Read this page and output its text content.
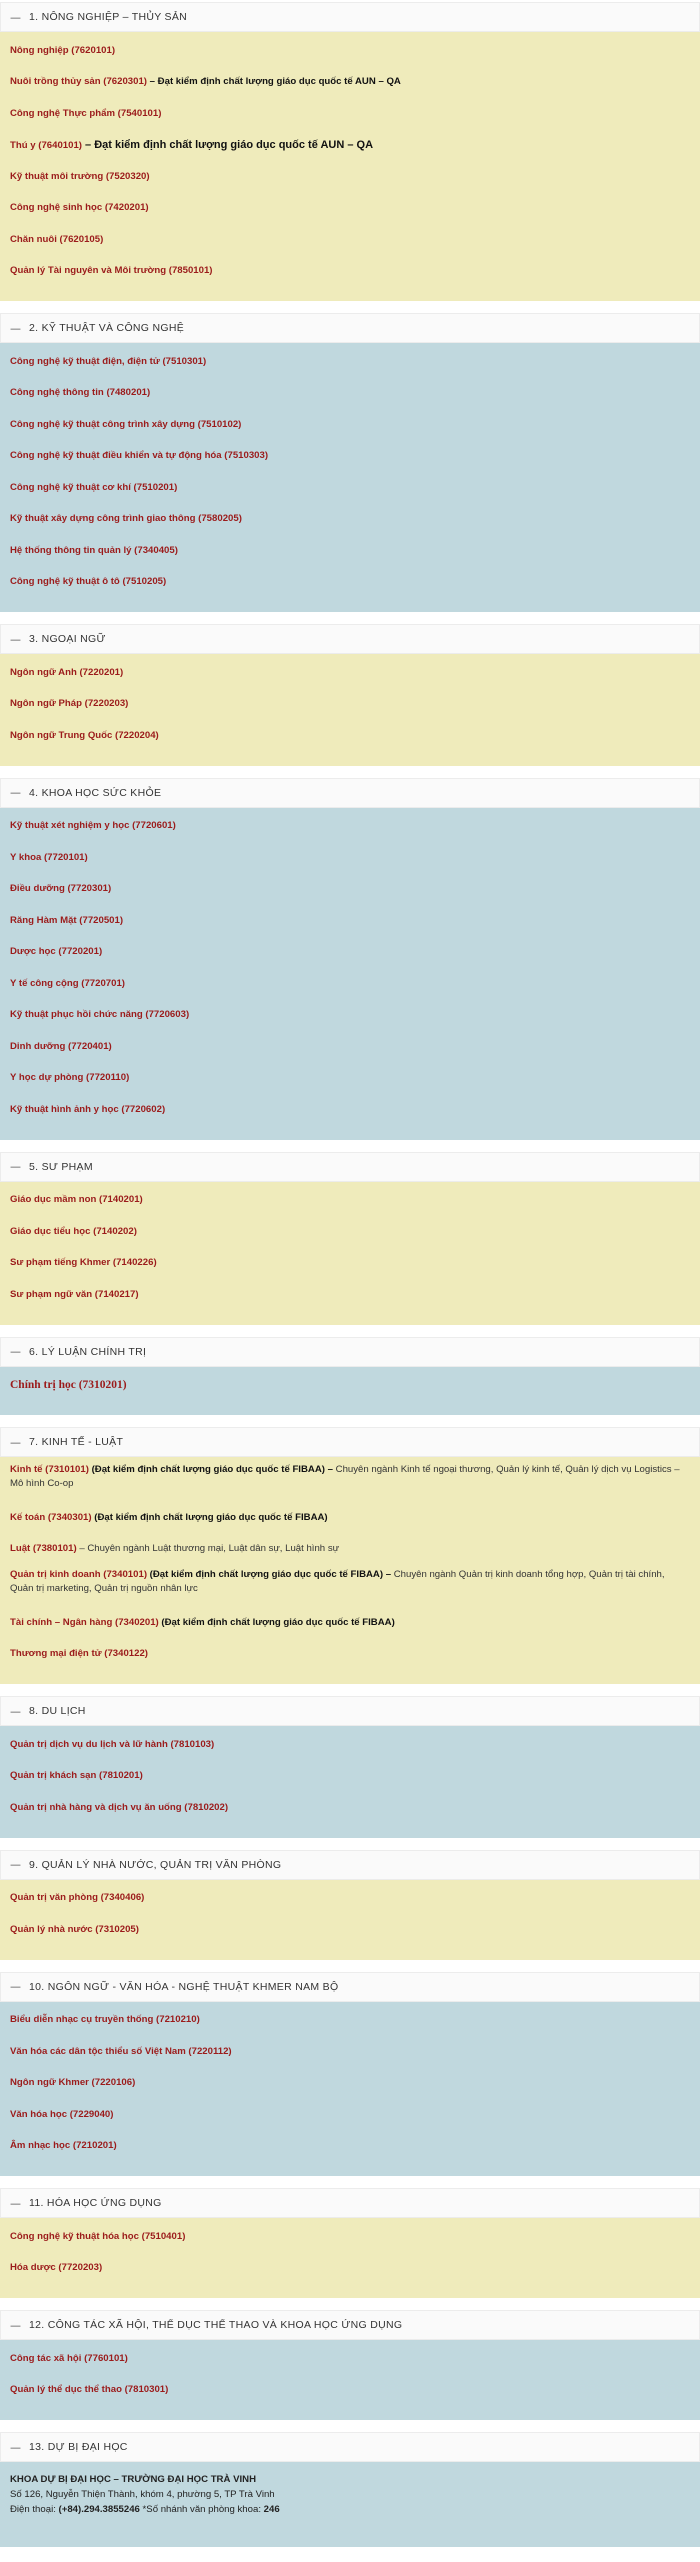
— 1. NÔNG NGHIỆP – THỦY SẢN
Nông nghiệp (7620101)
Nuôi trồng thủy sản (7620301) – Đạt kiểm định chất lượng giáo dục quốc tế AUN – QA
Công nghệ Thực phẩm (7540101)
Thú y (7640101) – Đạt kiểm định chất lượng giáo dục quốc tế AUN – QA
Kỹ thuật môi trường (7520320)
Công nghệ sinh học (7420201)
Chăn nuôi (7620105)
Quản lý Tài nguyên và Môi trường (7850101)
— 2. KỸ THUẬT VÀ CÔNG NGHỆ
Công nghệ kỹ thuật điện, điện tử (7510301)
Công nghệ thông tin (7480201)
Công nghệ kỹ thuật công trình xây dựng (7510102)
Công nghệ kỹ thuật điều khiển và tự động hóa (7510303)
Công nghệ kỹ thuật cơ khí (7510201)
Kỹ thuật xây dựng công trình giao thông (7580205)
Hệ thống thông tin quản lý (7340405)
Công nghệ kỹ thuật ô tô (7510205)
— 3. NGOẠI NGỮ
Ngôn ngữ Anh (7220201)
Ngôn ngữ Pháp (7220203)
Ngôn ngữ Trung Quốc (7220204)
— 4. KHOA HỌC SỨC KHỎE
Kỹ thuật xét nghiệm y học (7720601)
Y khoa (7720101)
Điều dưỡng (7720301)
Răng Hàm Mặt (7720501)
Dược học (7720201)
Y tế công cộng (7720701)
Kỹ thuật phục hồi chức năng (7720603)
Dinh dưỡng (7720401)
Y học dự phòng (7720110)
Kỹ thuật hình ảnh y học (7720602)
— 5. SƯ PHẠM
Giáo dục mầm non (7140201)
Giáo dục tiểu học (7140202)
Sư phạm tiếng Khmer (7140226)
Sư phạm ngữ văn (7140217)
— 6. LÝ LUẬN CHÍNH TRỊ
Chính trị học (7310201)
— 7. KINH TẾ - LUẬT
Kinh tế (7310101) (Đạt kiểm định chất lượng giáo dục quốc tế FIBAA) – Chuyên ngành Kinh tế ngoại thương, Quản lý kinh tế, Quản lý dịch vụ Logistics – Mô hình Co-op
Kế toán (7340301) (Đạt kiểm định chất lượng giáo dục quốc tế FIBAA)
Luật (7380101) – Chuyên ngành Luật thương mại, Luật dân sự, Luật hình sự
Quản trị kinh doanh (7340101) (Đạt kiểm định chất lượng giáo dục quốc tế FIBAA) – Chuyên ngành Quản trị kinh doanh tổng hợp, Quản trị tài chính, Quản trị marketing, Quản trị nguồn nhân lực
Tài chính – Ngân hàng (7340201) (Đạt kiểm định chất lượng giáo dục quốc tế FIBAA)
Thương mại điện tử (7340122)
— 8. DU LỊCH
Quản trị dịch vụ du lịch và lữ hành (7810103)
Quản trị khách sạn (7810201)
Quản trị nhà hàng và dịch vụ ăn uống (7810202)
— 9. QUẢN LÝ NHÀ NƯỚC, QUẢN TRỊ VĂN PHÒNG
Quản trị văn phòng (7340406)
Quản lý nhà nước (7310205)
— 10. NGÔN NGỮ - VĂN HÓA - NGHỆ THUẬT KHMER NAM BỘ
Biểu diễn nhạc cụ truyền thống (7210210)
Văn hóa các dân tộc thiểu số Việt Nam (7220112)
Ngôn ngữ Khmer (7220106)
Văn hóa học (7229040)
Âm nhạc học (7210201)
— 11. HÓA HỌC ỨNG DỤNG
Công nghệ kỹ thuật hóa học (7510401)
Hóa dược (7720203)
— 12. CÔNG TÁC XÃ HỘI, THỂ DỤC THỂ THAO VÀ KHOA HỌC ỨNG DỤNG
Công tác xã hội (7760101)
Quản lý thể dục thể thao (7810301)
— 13. DỰ BỊ ĐẠI HỌC
KHOA DỰ BỊ ĐẠI HỌC – TRƯỜNG ĐẠI HỌC TRÀ VINH
Số 126, Nguyễn Thiện Thành, khóm 4, phường 5, TP Trà Vinh
Điện thoại: (+84).294.3855246 *Số nhánh văn phòng khoa: 246
